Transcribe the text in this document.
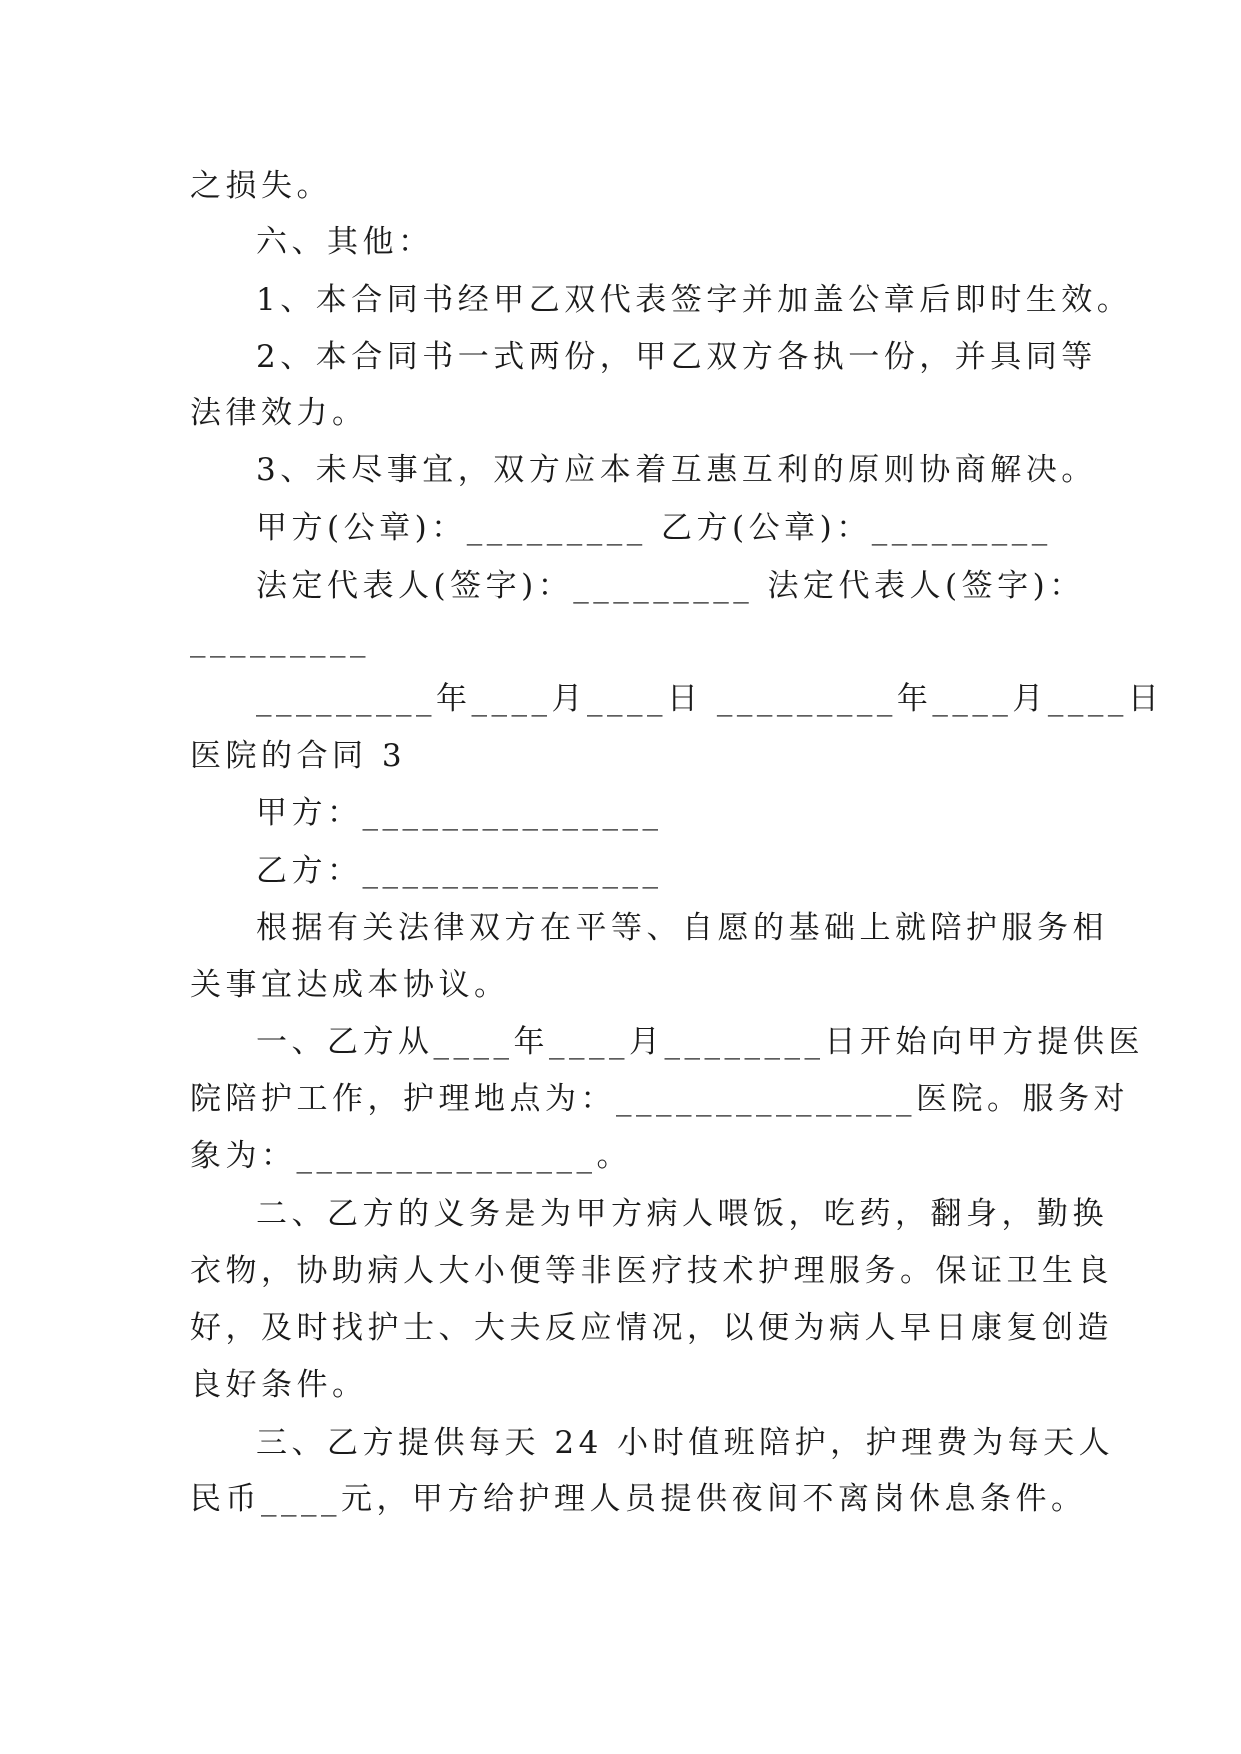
之损失。
六、其他：
1、本合同书经甲乙双代表签字并加盖公章后即时生效。
2、本合同书一式两份，甲乙双方各执一份，并具同等
法律效力。
3、未尽事宜，双方应本着互惠互利的原则协商解决。
甲方(公章)：_________ 乙方(公章)：_________
法定代表人(签字)：_________ 法定代表人(签字)：
_________
_________年____月____日 _________年____月____日
医院的合同 3
甲方：_______________
乙方：_______________
根据有关法律双方在平等、自愿的基础上就陪护服务相
关事宜达成本协议。
一、乙方从____年____月________日开始向甲方提供医
院陪护工作，护理地点为：_______________医院。服务对
象为：_______________。
二、乙方的义务是为甲方病人喂饭，吃药，翻身，勤换
衣物，协助病人大小便等非医疗技术护理服务。保证卫生良
好，及时找护士、大夫反应情况，以便为病人早日康复创造
良好条件。
三、乙方提供每天 24 小时值班陪护，护理费为每天人
民币____元，甲方给护理人员提供夜间不离岗休息条件。
